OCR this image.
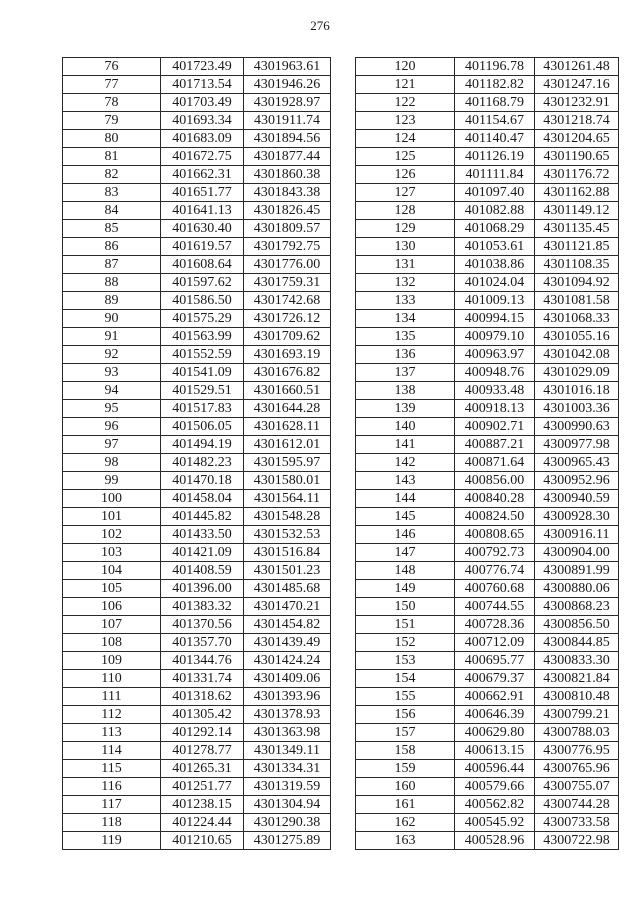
276
76	401723.49	4301963.61
77	401713.54	4301946.26
78	401703.49	4301928.97
79	401693.34	4301911.74
80	401683.09	4301894.56
81	401672.75	4301877.44
82	401662.31	4301860.38
83	401651.77	4301843.38
84	401641.13	4301826.45
85	401630.40	4301809.57
86	401619.57	4301792.75
87	401608.64	4301776.00
88	401597.62	4301759.31
89	401586.50	4301742.68
90	401575.29	4301726.12
91	401563.99	4301709.62
92	401552.59	4301693.19
93	401541.09	4301676.82
94	401529.51	4301660.51
95	401517.83	4301644.28
96	401506.05	4301628.11
97	401494.19	4301612.01
98	401482.23	4301595.97
99	401470.18	4301580.01
100	401458.04	4301564.11
101	401445.82	4301548.28
102	401433.50	4301532.53
103	401421.09	4301516.84
104	401408.59	4301501.23
105	401396.00	4301485.68
106	401383.32	4301470.21
107	401370.56	4301454.82
108	401357.70	4301439.49
109	401344.76	4301424.24
110	401331.74	4301409.06
111	401318.62	4301393.96
112	401305.42	4301378.93
113	401292.14	4301363.98
114	401278.77	4301349.11
115	401265.31	4301334.31
116	401251.77	4301319.59
117	401238.15	4301304.94
118	401224.44	4301290.38
119	401210.65	4301275.89
120	401196.78	4301261.48
121	401182.82	4301247.16
122	401168.79	4301232.91
123	401154.67	4301218.74
124	401140.47	4301204.65
125	401126.19	4301190.65
126	401111.84	4301176.72
127	401097.40	4301162.88
128	401082.88	4301149.12
129	401068.29	4301135.45
130	401053.61	4301121.85
131	401038.86	4301108.35
132	401024.04	4301094.92
133	401009.13	4301081.58
134	400994.15	4301068.33
135	400979.10	4301055.16
136	400963.97	4301042.08
137	400948.76	4301029.09
138	400933.48	4301016.18
139	400918.13	4301003.36
140	400902.71	4300990.63
141	400887.21	4300977.98
142	400871.64	4300965.43
143	400856.00	4300952.96
144	400840.28	4300940.59
145	400824.50	4300928.30
146	400808.65	4300916.11
147	400792.73	4300904.00
148	400776.74	4300891.99
149	400760.68	4300880.06
150	400744.55	4300868.23
151	400728.36	4300856.50
152	400712.09	4300844.85
153	400695.77	4300833.30
154	400679.37	4300821.84
155	400662.91	4300810.48
156	400646.39	4300799.21
157	400629.80	4300788.03
158	400613.15	4300776.95
159	400596.44	4300765.96
160	400579.66	4300755.07
161	400562.82	4300744.28
162	400545.92	4300733.58
163	400528.96	4300722.98
